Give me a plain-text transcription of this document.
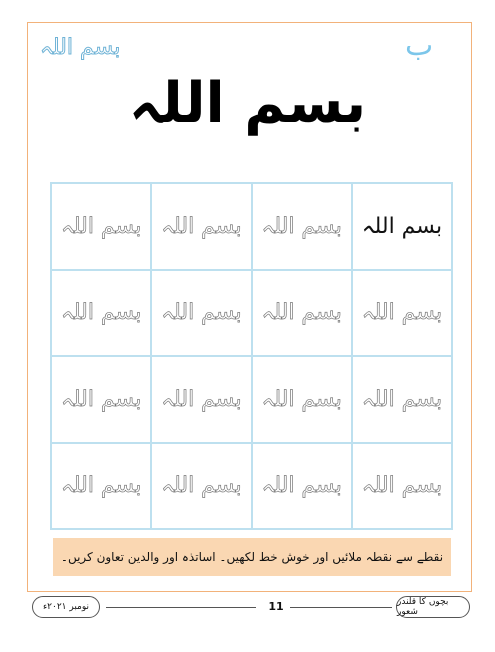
بسم اللہ	ب
بسم اللہ
بسم اللہ بسم اللہ بسم اللہ بسم اللہ
بسم اللہ بسم اللہ بسم اللہ بسم اللہ
بسم اللہ بسم اللہ بسم اللہ بسم اللہ
بسم اللہ بسم اللہ بسم اللہ بسم اللہ
نقطے سے نقطہ ملائیں اور خوش خط لکھیں۔ اساتذہ اور والدین تعاون کریں۔
نومبر ۲۰۲۱ء	11	بچوں کا قلندر شعور
